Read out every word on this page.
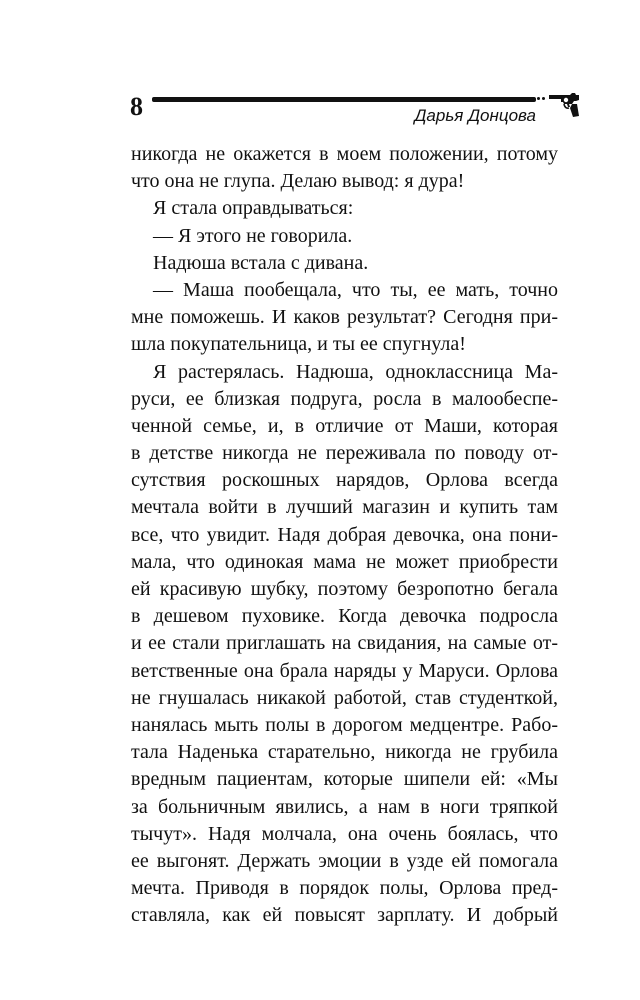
8	Дарья Донцова
никогда не окажется в моем положении, потому
что она не глупа. Делаю вывод: я дура!
Я стала оправдываться:
— Я этого не говорила.
Надюша встала с дивана.
— Маша пообещала, что ты, ее мать, точно
мне поможешь. И каков результат? Сегодня при-
шла покупательница, и ты ее спугнула!
Я растерялась. Надюша, одноклассница Ма-
руси, ее близкая подруга, росла в малообеспе-
ченной семье, и, в отличие от Маши, которая
в детстве никогда не переживала по поводу от-
сутствия роскошных нарядов, Орлова всегда
мечтала войти в лучший магазин и купить там
все, что увидит. Надя добрая девочка, она пони-
мала, что одинокая мама не может приобрести
ей красивую шубку, поэтому безропотно бегала
в дешевом пуховике. Когда девочка подросла
и ее стали приглашать на свидания, на самые от-
ветственные она брала наряды у Маруси. Орлова
не гнушалась никакой работой, став студенткой,
нанялась мыть полы в дорогом медцентре. Рабо-
тала Наденька старательно, никогда не грубила
вредным пациентам, которые шипели ей: «Мы
за больничным явились, а нам в ноги тряпкой
тычут». Надя молчала, она очень боялась, что
ее выгонят. Держать эмоции в узде ей помогала
мечта. Приводя в порядок полы, Орлова пред-
ставляла, как ей повысят зарплату. И добрый
